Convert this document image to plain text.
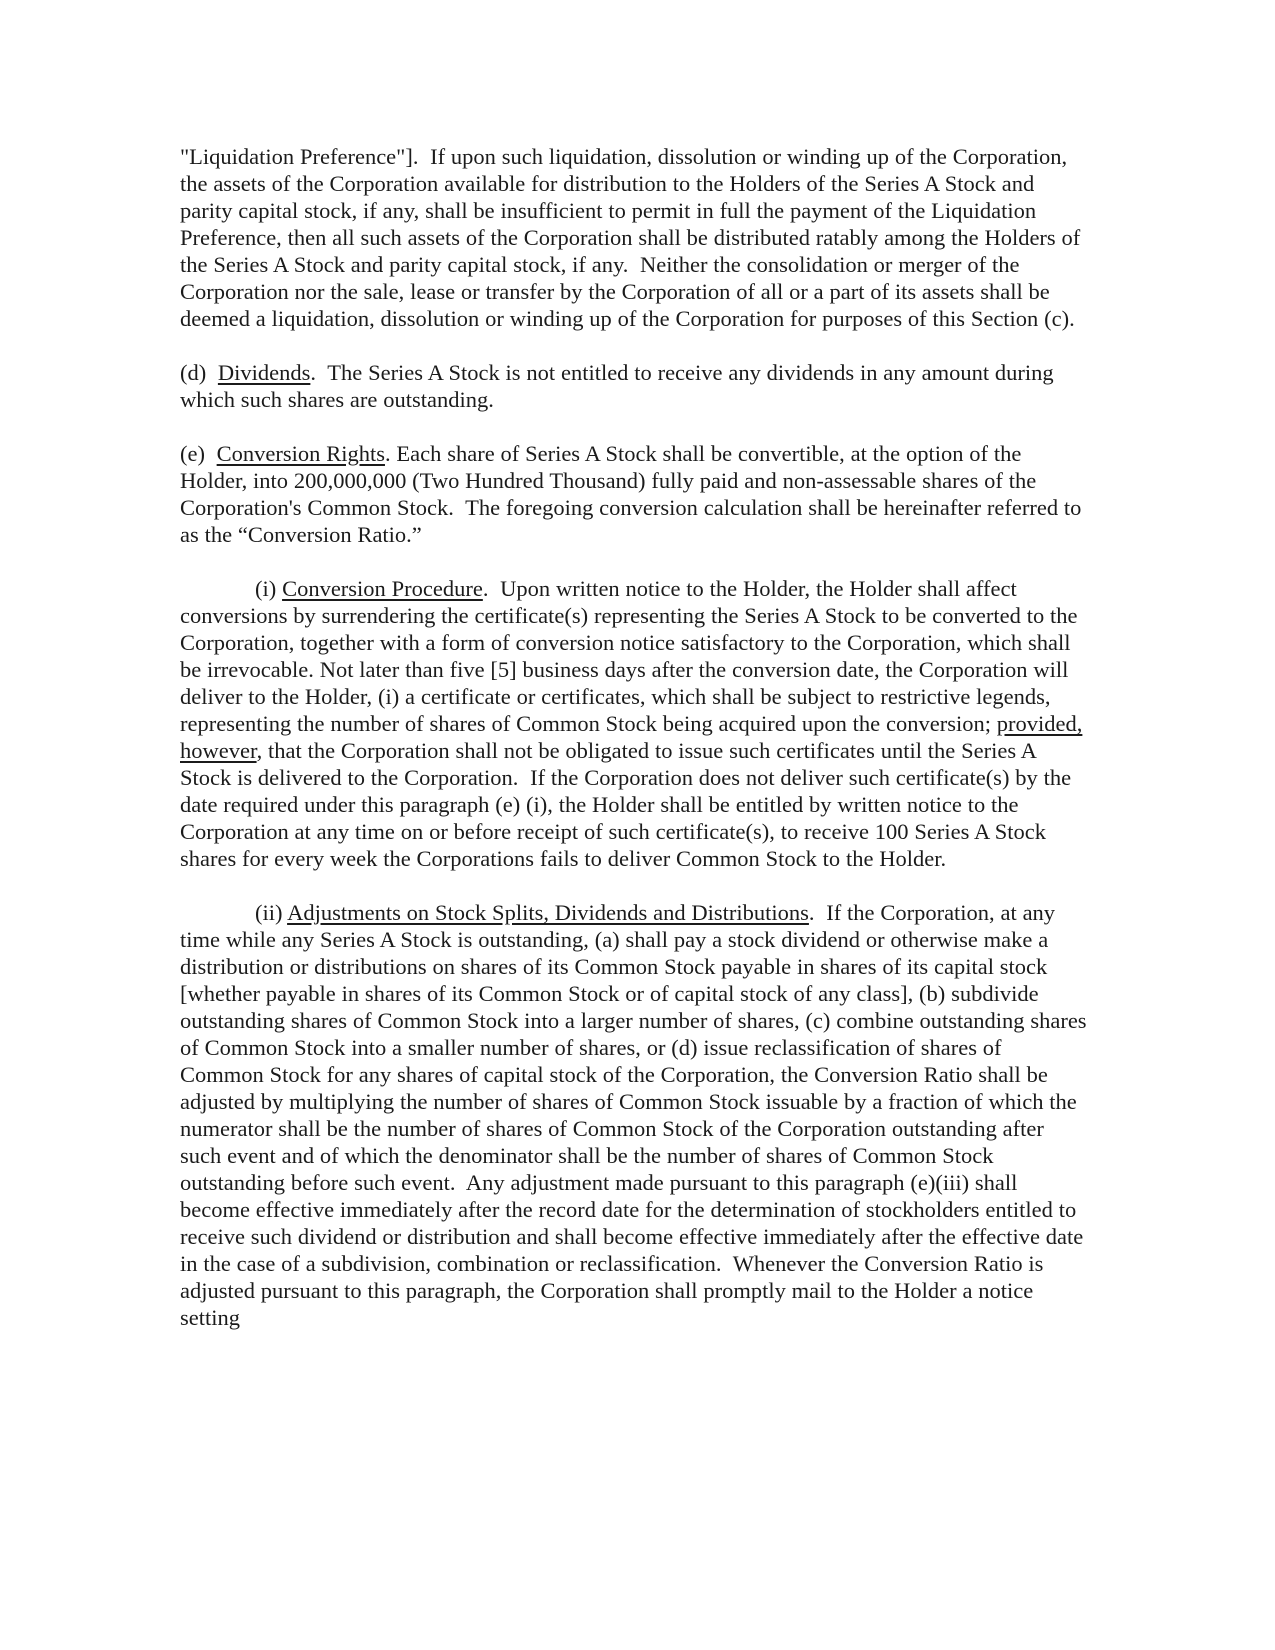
"Liquidation Preference"].  If upon such liquidation, dissolution or winding up of the Corporation, the assets of the Corporation available for distribution to the Holders of the Series A Stock and parity capital stock, if any, shall be insufficient to permit in full the payment of the Liquidation Preference, then all such assets of the Corporation shall be distributed ratably among the Holders of the Series A Stock and parity capital stock, if any.  Neither the consolidation or merger of the Corporation nor the sale, lease or transfer by the Corporation of all or a part of its assets shall be deemed a liquidation, dissolution or winding up of the Corporation for purposes of this Section (c).

(d)  Dividends.  The Series A Stock is not entitled to receive any dividends in any amount during which such shares are outstanding.

(e)  Conversion Rights. Each share of Series A Stock shall be convertible, at the option of the Holder, into 200,000,000 (Two Hundred Thousand) fully paid and non-assessable shares of the Corporation's Common Stock.  The foregoing conversion calculation shall be hereinafter referred to as the “Conversion Ratio.”

(i) Conversion Procedure.  Upon written notice to the Holder, the Holder shall affect conversions by surrendering the certificate(s) representing the Series A Stock to be converted to the Corporation, together with a form of conversion notice satisfactory to the Corporation, which shall be irrevocable. Not later than five [5] business days after the conversion date, the Corporation will deliver to the Holder, (i) a certificate or certificates, which shall be subject to restrictive legends, representing the number of shares of Common Stock being acquired upon the conversion; provided, however, that the Corporation shall not be obligated to issue such certificates until the Series A Stock is delivered to the Corporation.  If the Corporation does not deliver such certificate(s) by the date required under this paragraph (e) (i), the Holder shall be entitled by written notice to the Corporation at any time on or before receipt of such certificate(s), to receive 100 Series A Stock shares for every week the Corporations fails to deliver Common Stock to the Holder.

(ii) Adjustments on Stock Splits, Dividends and Distributions.  If the Corporation, at any time while any Series A Stock is outstanding, (a) shall pay a stock dividend or otherwise make a distribution or distributions on shares of its Common Stock payable in shares of its capital stock [whether payable in shares of its Common Stock or of capital stock of any class], (b) subdivide outstanding shares of Common Stock into a larger number of shares, (c) combine outstanding shares of Common Stock into a smaller number of shares, or (d) issue reclassification of shares of Common Stock for any shares of capital stock of the Corporation, the Conversion Ratio shall be adjusted by multiplying the number of shares of Common Stock issuable by a fraction of which the numerator shall be the number of shares of Common Stock of the Corporation outstanding after such event and of which the denominator shall be the number of shares of Common Stock outstanding before such event.  Any adjustment made pursuant to this paragraph (e)(iii) shall become effective immediately after the record date for the determination of stockholders entitled to receive such dividend or distribution and shall become effective immediately after the effective date in the case of a subdivision, combination or reclassification.  Whenever the Conversion Ratio is adjusted pursuant to this paragraph, the Corporation shall promptly mail to the Holder a notice setting
